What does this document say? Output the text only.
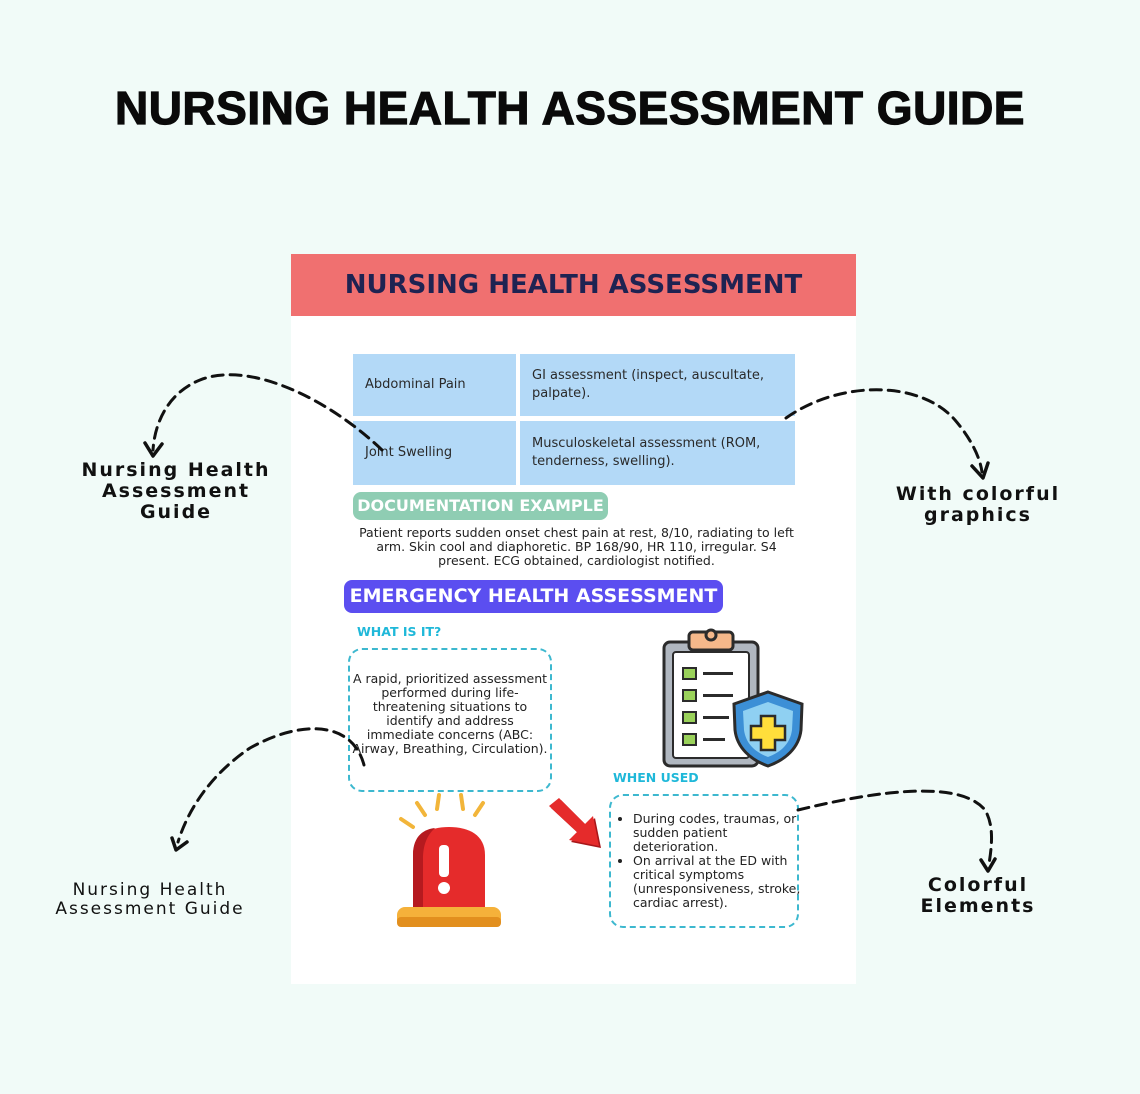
NURSING HEALTH ASSESSMENT GUIDE
NURSING HEALTH ASSESSMENT
Abdominal Pain
GI assessment (inspect, auscultate, palpate).
Joint Swelling
Musculoskeletal assessment (ROM, tenderness, swelling).
DOCUMENTATION EXAMPLE
Patient reports sudden onset chest pain at rest, 8/10, radiating to left arm. Skin cool and diaphoretic. BP 168/90, HR 110, irregular. S4 present. ECG obtained, cardiologist notified.
EMERGENCY HEALTH ASSESSMENT
WHAT IS IT?
A rapid, prioritized assessment performed during life-threatening situations to identify and address immediate concerns (ABC: Airway, Breathing, Circulation).
WHEN USED
• During codes, traumas, or sudden patient deterioration.
• On arrival at the ED with critical symptoms (unresponsiveness, stroke, cardiac arrest).
Nursing Health Assessment Guide
Nursing Health Assessment Guide
With colorful graphics
Colorful Elements
